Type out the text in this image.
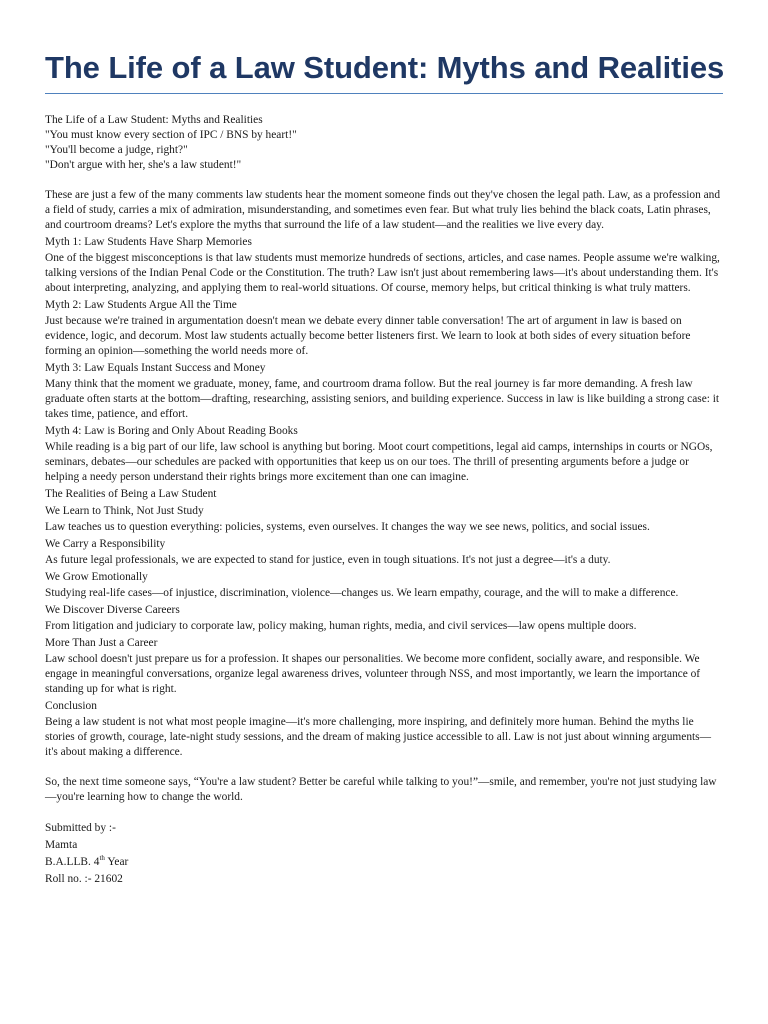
The Life of a Law Student: Myths and Realities

The Life of a Law Student: Myths and Realities

"You must know every section of IPC / BNS by heart!"

"You'll become a judge, right?"

"Don't argue with her, she's a law student!"

These are just a few of the many comments law students hear the moment someone finds out they've chosen the legal path. Law, as a profession and a field of study, carries a mix of admiration, misunderstanding, and sometimes even fear. But what truly lies behind the black coats, Latin phrases, and courtroom dreams? Let's explore the myths that surround the life of a law student—and the realities we live every day.

Myth 1: Law Students Have Sharp Memories

One of the biggest misconceptions is that law students must memorize hundreds of sections, articles, and case names. People assume we're walking, talking versions of the Indian Penal Code or the Constitution. The truth? Law isn't just about remembering laws—it's about understanding them. It's about interpreting, analyzing, and applying them to real-world situations. Of course, memory helps, but critical thinking is what truly matters.

Myth 2: Law Students Argue All the Time

Just because we're trained in argumentation doesn't mean we debate every dinner table conversation! The art of argument in law is based on evidence, logic, and decorum. Most law students actually become better listeners first. We learn to look at both sides of every situation before forming an opinion—something the world needs more of.

Myth 3: Law Equals Instant Success and Money

Many think that the moment we graduate, money, fame, and courtroom drama follow. But the real journey is far more demanding. A fresh law graduate often starts at the bottom—drafting, researching, assisting seniors, and building experience. Success in law is like building a strong case: it takes time, patience, and effort.

Myth 4: Law is Boring and Only About Reading Books

While reading is a big part of our life, law school is anything but boring. Moot court competitions, legal aid camps, internships in courts or NGOs, seminars, debates—our schedules are packed with opportunities that keep us on our toes. The thrill of presenting arguments before a judge or helping a needy person understand their rights brings more excitement than one can imagine.

The Realities of Being a Law Student

We Learn to Think, Not Just Study

Law teaches us to question everything: policies, systems, even ourselves. It changes the way we see news, politics, and social issues.

We Carry a Responsibility

As future legal professionals, we are expected to stand for justice, even in tough situations. It's not just a degree—it's a duty.

We Grow Emotionally

Studying real-life cases—of injustice, discrimination, violence—changes us. We learn empathy, courage, and the will to make a difference.

We Discover Diverse Careers

From litigation and judiciary to corporate law, policy making, human rights, media, and civil services—law opens multiple doors.

More Than Just a Career

Law school doesn't just prepare us for a profession. It shapes our personalities. We become more confident, socially aware, and responsible. We engage in meaningful conversations, organize legal awareness drives, volunteer through NSS, and most importantly, we learn the importance of standing up for what is right.

Conclusion

Being a law student is not what most people imagine—it's more challenging, more inspiring, and definitely more human. Behind the myths lie stories of growth, courage, late-night study sessions, and the dream of making justice accessible to all. Law is not just about winning arguments—it's about making a difference.

So, the next time someone says, “You're a law student? Better be careful while talking to you!”—smile, and remember, you're not just studying law—you're learning how to change the world.

Submitted by :-

Mamta

B.A.LLB. 4th Year

Roll no. :- 21602
